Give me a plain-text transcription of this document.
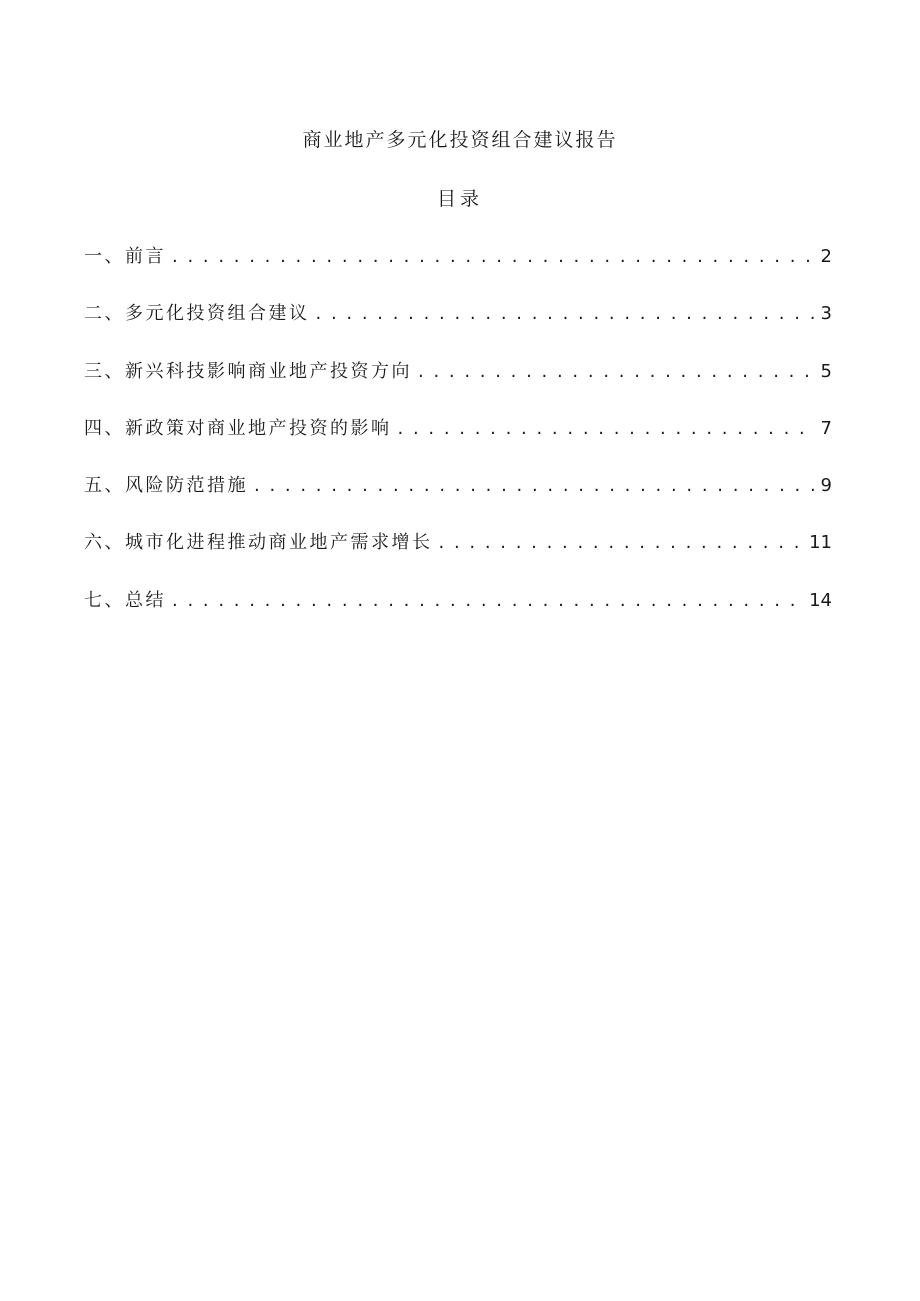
商业地产多元化投资组合建议报告
目录
一、前言 . . .	2
二、多元化投资组合建议 . . .	3
三、新兴科技影响商业地产投资方向 . . .	5
四、新政策对商业地产投资的影响 . . .	7
五、风险防范措施 . . .	9
六、城市化进程推动商业地产需求增长 . . .	11
七、总结 . . .	14
